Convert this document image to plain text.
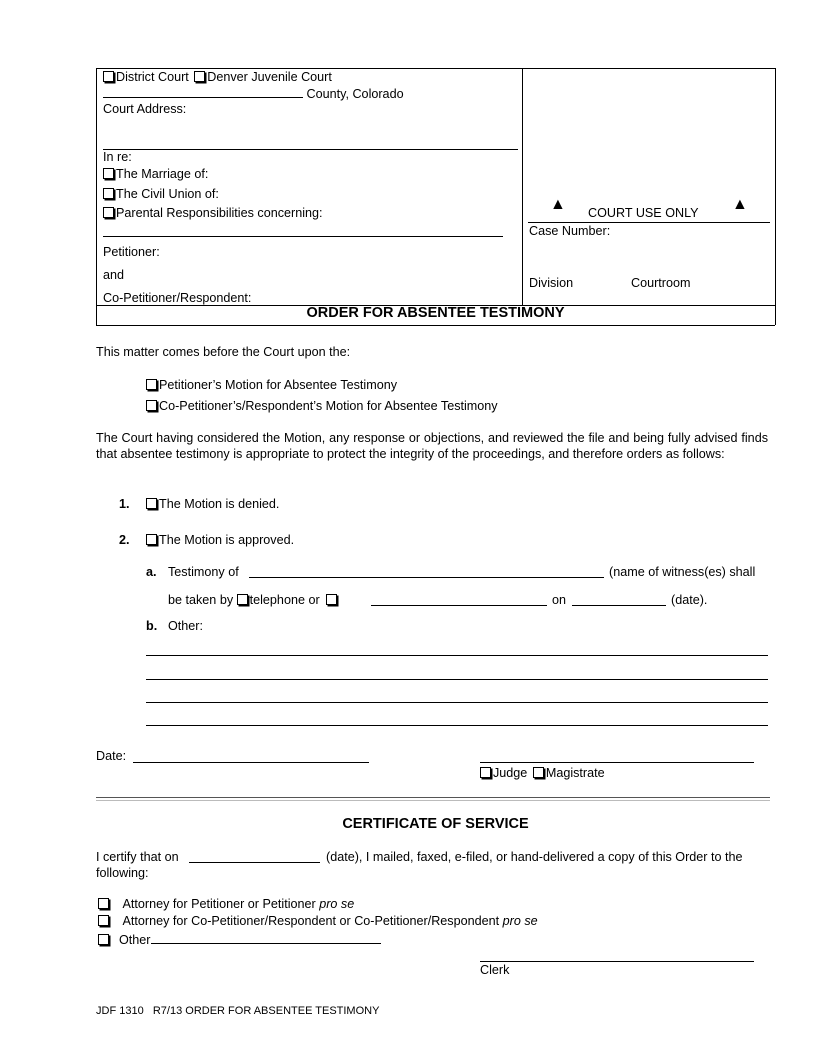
District Court Denver Juvenile Court
County, Colorado
Court Address:
In re:
The Marriage of:
The Civil Union of:
Parental Responsibilities concerning:
Petitioner:
and
Co-Petitioner/Respondent:
▲ COURT USE ONLY ▲
Case Number:
Division	Courtroom
ORDER FOR ABSENTEE TESTIMONY
This matter comes before the Court upon the:
Petitioner’s Motion for Absentee Testimony
Co-Petitioner’s/Respondent’s Motion for Absentee Testimony
The Court having considered the Motion, any response or objections, and reviewed the file and being fully advised finds that absentee testimony is appropriate to protect the integrity of the proceedings, and therefore orders as follows:
1.	The Motion is denied.
2.	The Motion is approved.
a. Testimony of	(name of witness(es) shall
be taken by telephone or	on	(date).
b. Other:
Date:
Judge Magistrate
CERTIFICATE OF SERVICE
I certify that on	(date), I mailed, faxed, e-filed, or hand-delivered a copy of this Order to the
following:
Attorney for Petitioner or Petitioner pro se
Attorney for Co-Petitioner/Respondent or Co-Petitioner/Respondent pro se
Other
Clerk
JDF 1310   R7/13 ORDER FOR ABSENTEE TESTIMONY
